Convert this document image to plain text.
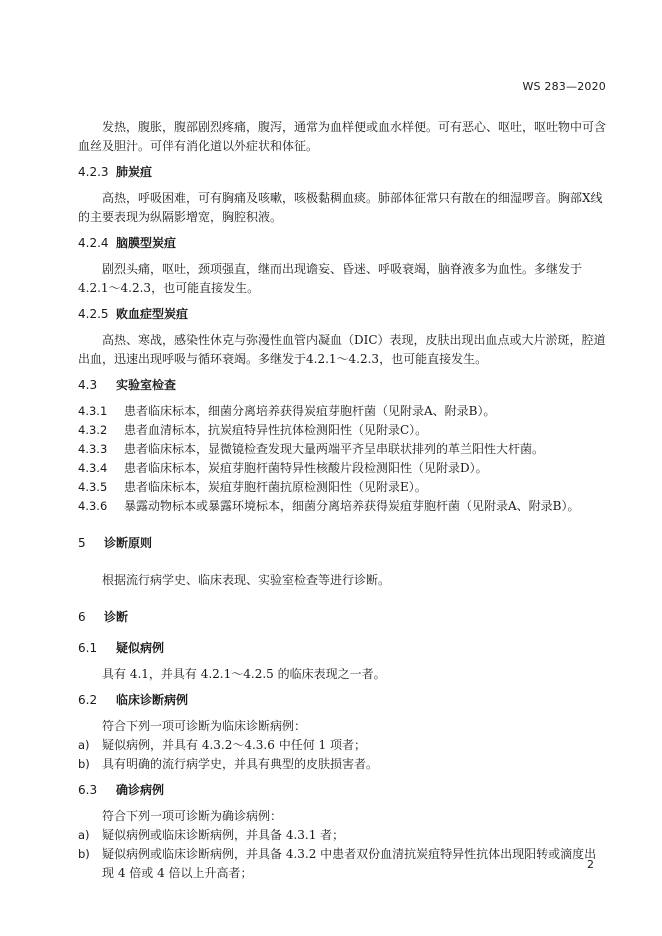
WS 283—2020

发热，腹胀，腹部剧烈疼痛，腹泻，通常为血样便或血水样便。可有恶心、呕吐，呕吐物中可含血丝及胆汁。可伴有消化道以外症状和体征。

4.2.3 肺炭疽

高热，呼吸困难，可有胸痛及咳嗽，咳极黏稠血痰。肺部体征常只有散在的细湿啰音。胸部X线的主要表现为纵隔影增宽，胸腔积液。

4.2.4 脑膜型炭疽

剧烈头痛，呕吐，颈项强直，继而出现谵妄、昏迷、呼吸衰竭，脑脊液多为血性。多继发于4.2.1～4.2.3，也可能直接发生。

4.2.5 败血症型炭疽

高热、寒战，感染性休克与弥漫性血管内凝血（DIC）表现，皮肤出现出血点或大片淤斑，腔道出血，迅速出现呼吸与循环衰竭。多继发于4.2.1～4.2.3，也可能直接发生。

4.3 实验室检查
4.3.1	患者临床标本，细菌分离培养获得炭疽芽胞杆菌（见附录A、附录B）。
4.3.2	患者血清标本，抗炭疽特异性抗体检测阳性（见附录C）。
4.3.3	患者临床标本，显微镜检查发现大量两端平齐呈串联状排列的革兰阳性大杆菌。
4.3.4	患者临床标本，炭疽芽胞杆菌特异性核酸片段检测阳性（见附录D）。
4.3.5	患者临床标本，炭疽芽胞杆菌抗原检测阳性（见附录E）。
4.3.6	暴露动物标本或暴露环境标本，细菌分离培养获得炭疽芽胞杆菌（见附录A、附录B）。
5 诊断原则

根据流行病学史、临床表现、实验室检查等进行诊断。

6 诊断
6.1 疑似病例

具有 4.1，并具有 4.2.1～4.2.5 的临床表现之一者。

6.2 临床诊断病例

符合下列一项可诊断为临床诊断病例：

a)	疑似病例，并具有 4.3.2～4.3.6 中任何 1 项者；
b)	具有明确的流行病学史，并具有典型的皮肤损害者。
6.3 确诊病例

符合下列一项可诊断为确诊病例：

a)	疑似病例或临床诊断病例，并具备 4.3.1 者；
b)	疑似病例或临床诊断病例，并具备 4.3.2 中患者双份血清抗炭疽特异性抗体出现阳转或滴度出现 4 倍或 4 倍以上升高者；
2
